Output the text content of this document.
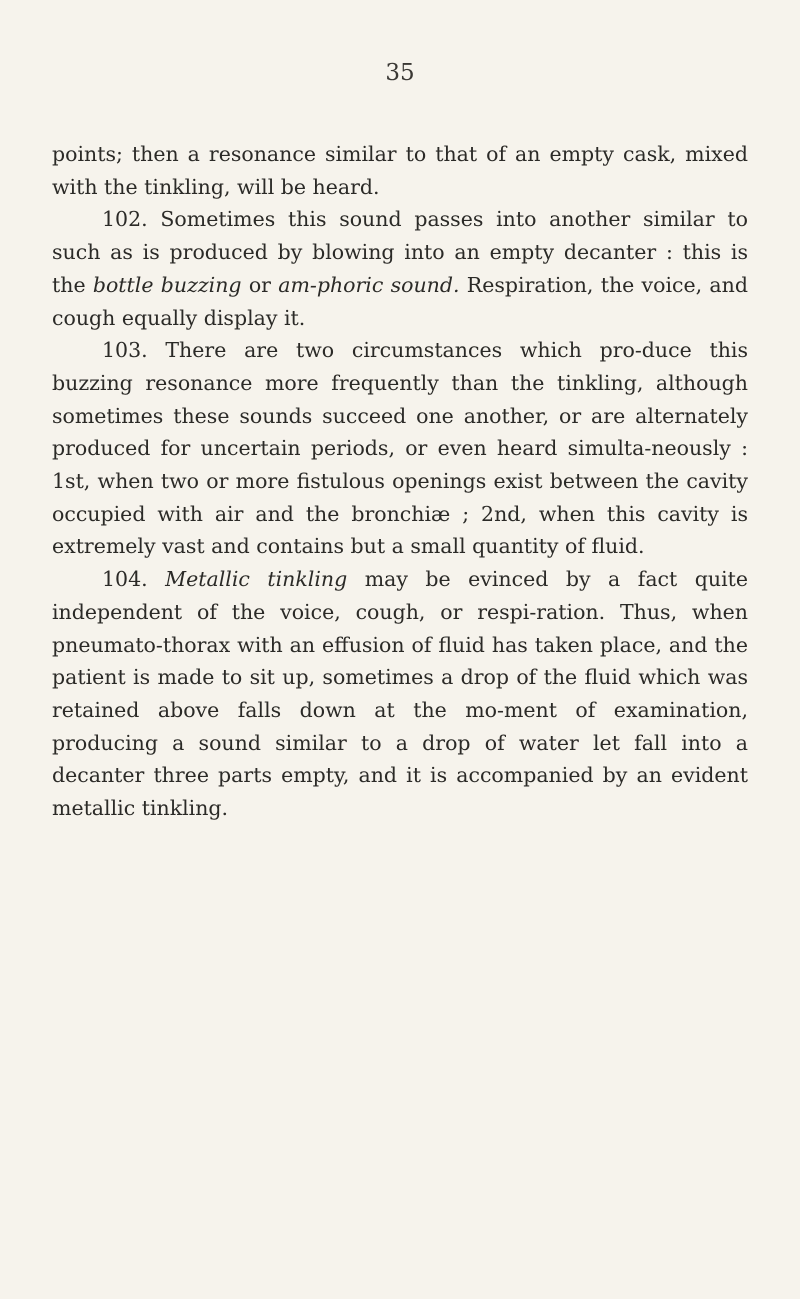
35

points; then a resonance similar to that of an empty cask, mixed with the tinkling, will be heard.

102. Sometimes this sound passes into another similar to such as is produced by blowing into an empty decanter : this is the bottle buzzing or am-phoric sound. Respiration, the voice, and cough equally display it.

103. There are two circumstances which pro-duce this buzzing resonance more frequently than the tinkling, although sometimes these sounds succeed one another, or are alternately produced for uncertain periods, or even heard simulta-neously : 1st, when two or more fistulous openings exist between the cavity occupied with air and the bronchiæ ; 2nd, when this cavity is extremely vast and contains but a small quantity of fluid.

104. Metallic tinkling may be evinced by a fact quite independent of the voice, cough, or respi-ration. Thus, when pneumato-thorax with an effusion of fluid has taken place, and the patient is made to sit up, sometimes a drop of the fluid which was retained above falls down at the mo-ment of examination, producing a sound similar to a drop of water let fall into a decanter three parts empty, and it is accompanied by an evident metallic tinkling.
